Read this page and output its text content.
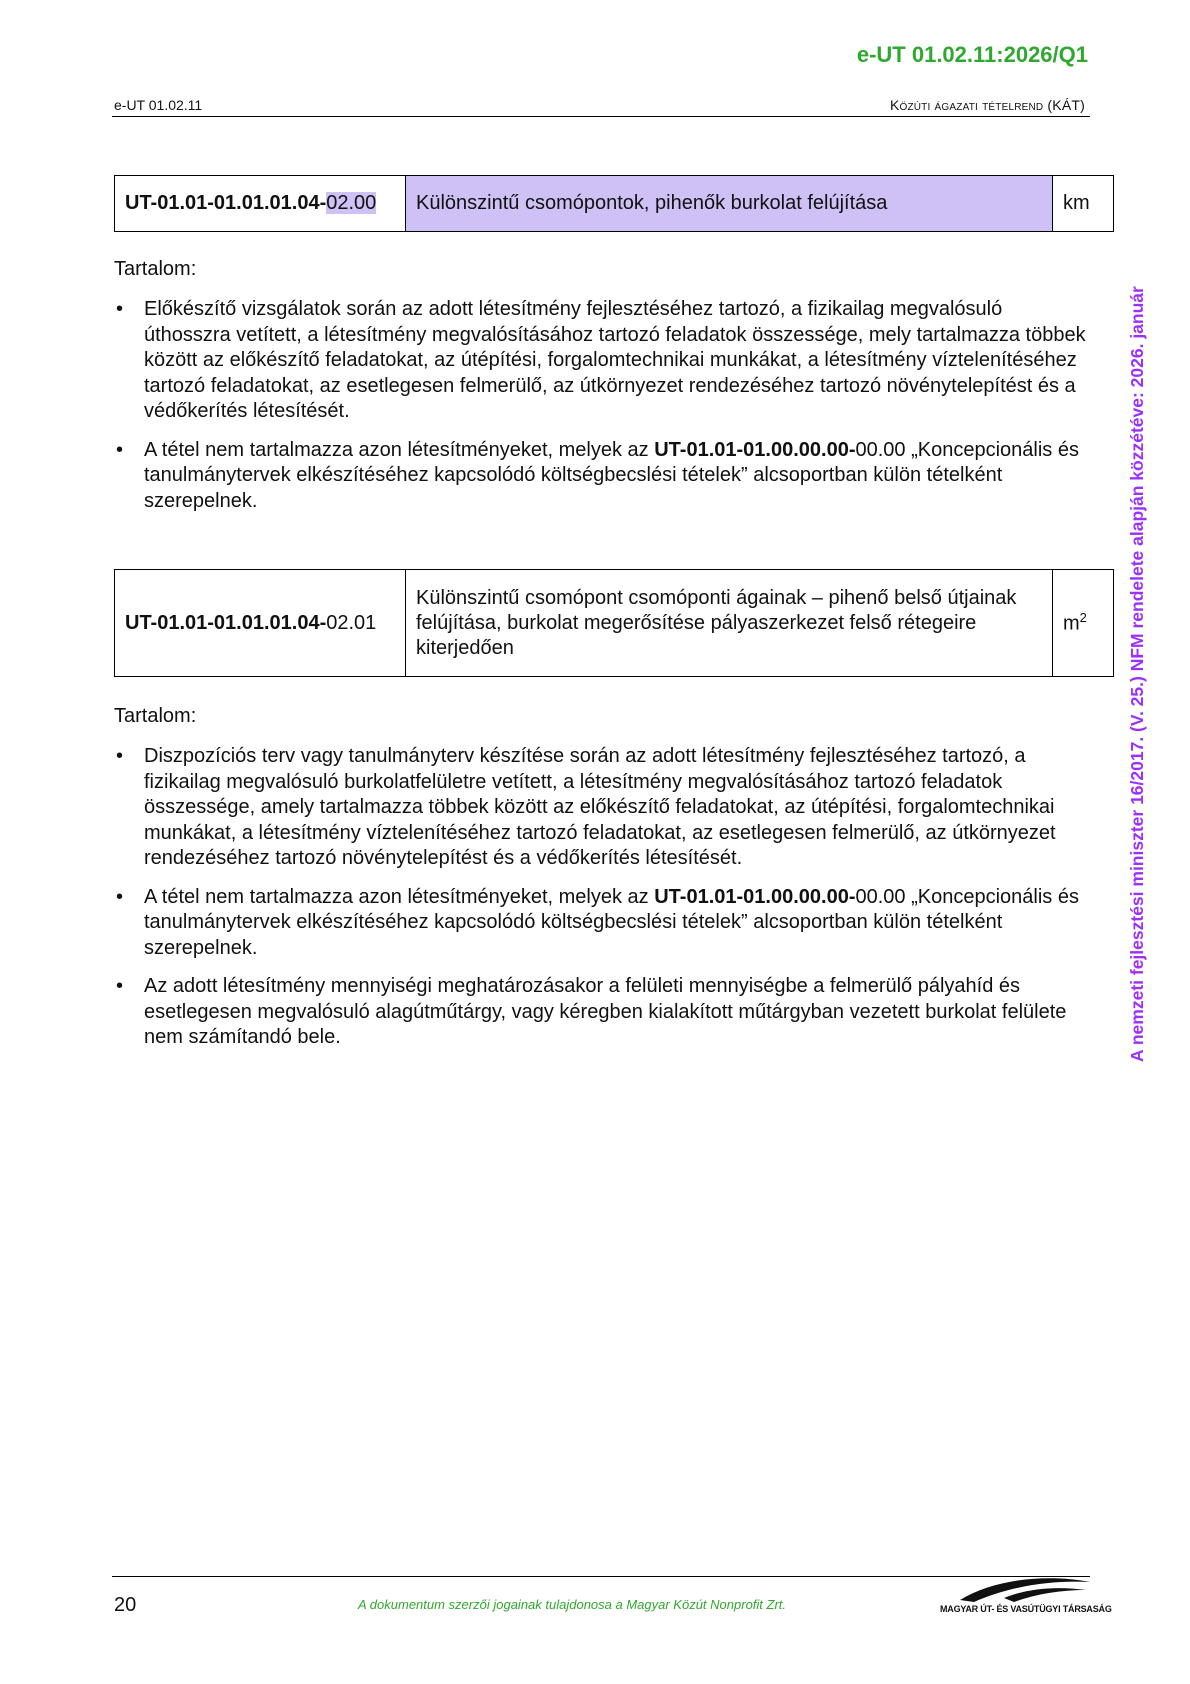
e-UT 01.02.11:2026/Q1
e-UT 01.02.11	Közúti ágazati tételrend (KÁT)
A nemzeti fejlesztési miniszter 16/2017. (V. 25.) NFM rendelete alapján közzétéve: 2026. január
UT-01.01-01.01.01.04-02.00	Különszintű csomópontok, pihenők burkolat felújítása	km
Tartalom:
• Előkészítő vizsgálatok során az adott létesítmény fejlesztéséhez tartozó, a fizikailag megvalósuló úthosszra vetített, a létesítmény megvalósításához tartozó feladatok összessége, mely tartalmazza többek között az előkészítő feladatokat, az útépítési, forgalomtechnikai munkákat, a létesítmény víztelenítéséhez tartozó feladatokat, az esetlegesen felmerülő, az útkörnyezet rendezéséhez tartozó növénytelepítést és a védőkerítés létesítését.
• A tétel nem tartalmazza azon létesítményeket, melyek az UT-01.01-01.00.00.00-00.00 „Koncepcionális és tanulmánytervek elkészítéséhez kapcsolódó költségbecslési tételek” alcsoportban külön tételként szerepelnek.
UT-01.01-01.01.01.04-02.01	Különszintű csomópont csomóponti ágainak – pihenő belső útjainak felújítása, burkolat megerősítése pályaszerkezet felső rétegeire kiterjedően	$m^2$
Tartalom:
• Diszpozíciós terv vagy tanulmányterv készítése során az adott létesítmény fejlesztéséhez tartozó, a fizikailag megvalósuló burkolatfelületre vetített, a létesítmény megvalósításához tartozó feladatok összessége, amely tartalmazza többek között az előkészítő feladatokat, az útépítési, forgalomtechnikai munkákat, a létesítmény víztelenítéséhez tartozó feladatokat, az esetlegesen felmerülő, az útkörnyezet rendezéséhez tartozó növénytelepítést és a védőkerítés létesítését.
• A tétel nem tartalmazza azon létesítményeket, melyek az UT-01.01-01.00.00.00-00.00 „Koncepcionális és tanulmánytervek elkészítéséhez kapcsolódó költségbecslési tételek” alcsoportban külön tételként szerepelnek.
• Az adott létesítmény mennyiségi meghatározásakor a felületi mennyiségbe a felmerülő pályahíd és esetlegesen megvalósuló alagútműtárgy, vagy kéregben kialakított műtárgyban vezetett burkolat felülete nem számítandó bele.
20	A dokumentum szerzői jogainak tulajdonosa a Magyar Közút Nonprofit Zrt.	MAGYAR ÚT- ÉS VASÚTÜGYI TÁRSASÁG
